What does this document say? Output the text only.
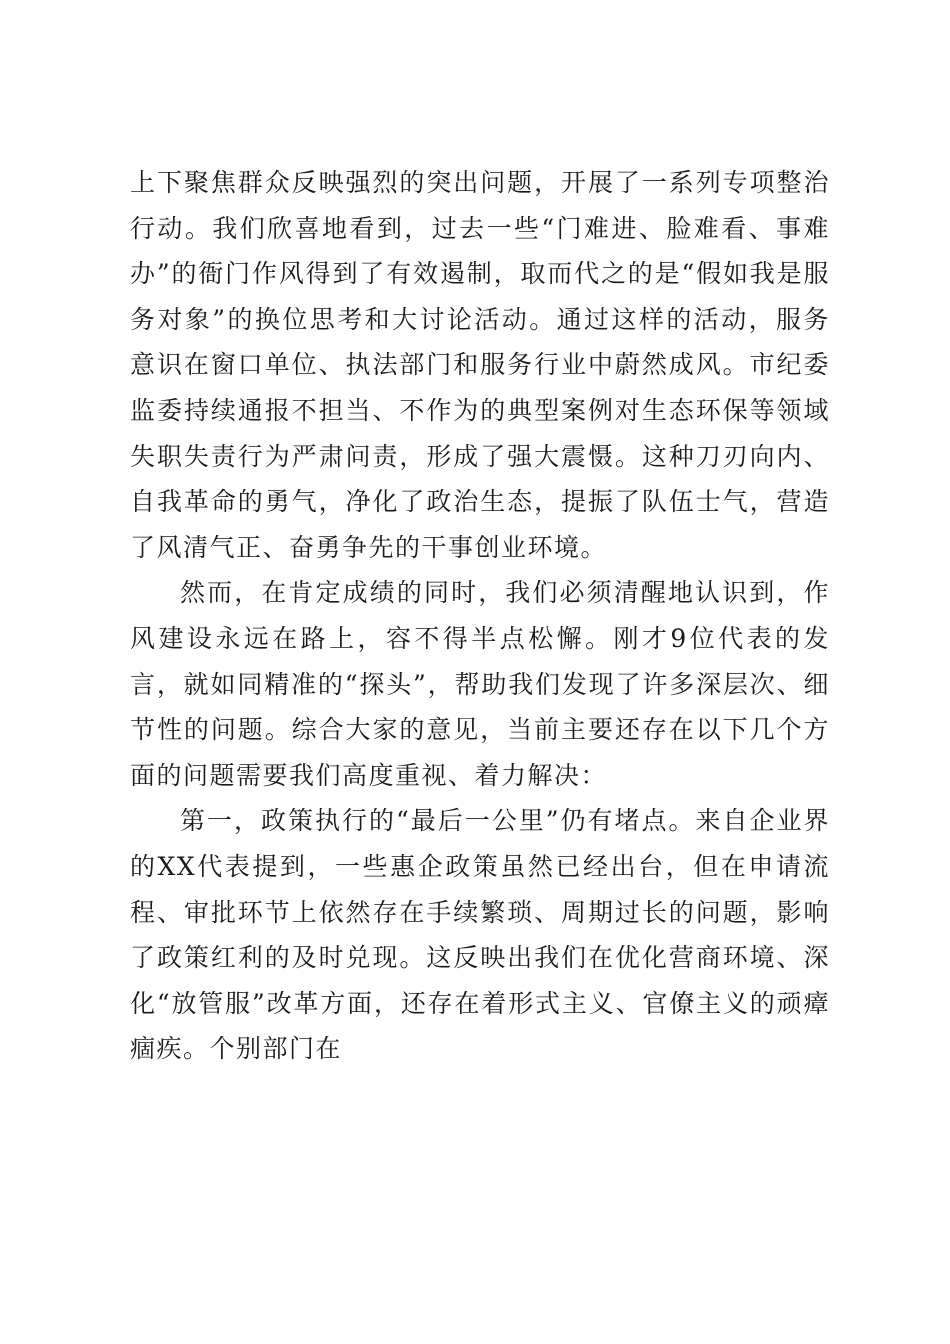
上下聚焦群众反映强烈的突出问题，开展了一系列专项整治行动。我们欣喜地看到，过去一些“门难进、脸难看、事难办”的衙门作风得到了有效遏制，取而代之的是“假如我是服务对象”的换位思考和大讨论活动。通过这样的活动，服务意识在窗口单位、执法部门和服务行业中蔚然成风。市纪委监委持续通报不担当、不作为的典型案例对生态环保等领域失职失责行为严肃问责，形成了强大震慑。这种刀刃向内、自我革命的勇气，净化了政治生态，提振了队伍士气，营造了风清气正、奋勇争先的干事创业环境。

然而，在肯定成绩的同时，我们必须清醒地认识到，作风建设永远在路上，容不得半点松懈。刚才9位代表的发言，就如同精准的“探头”，帮助我们发现了许多深层次、细节性的问题。综合大家的意见，当前主要还存在以下几个方面的问题需要我们高度重视、着力解决：

第一，政策执行的“最后一公里”仍有堵点。来自企业界的XX代表提到，一些惠企政策虽然已经出台，但在申请流程、审批环节上依然存在手续繁琐、周期过长的问题，影响了政策红利的及时兑现。这反映出我们在优化营商环境、深化“放管服”改革方面，还存在着形式主义、官僚主义的顽瘴痼疾。个别部门在
